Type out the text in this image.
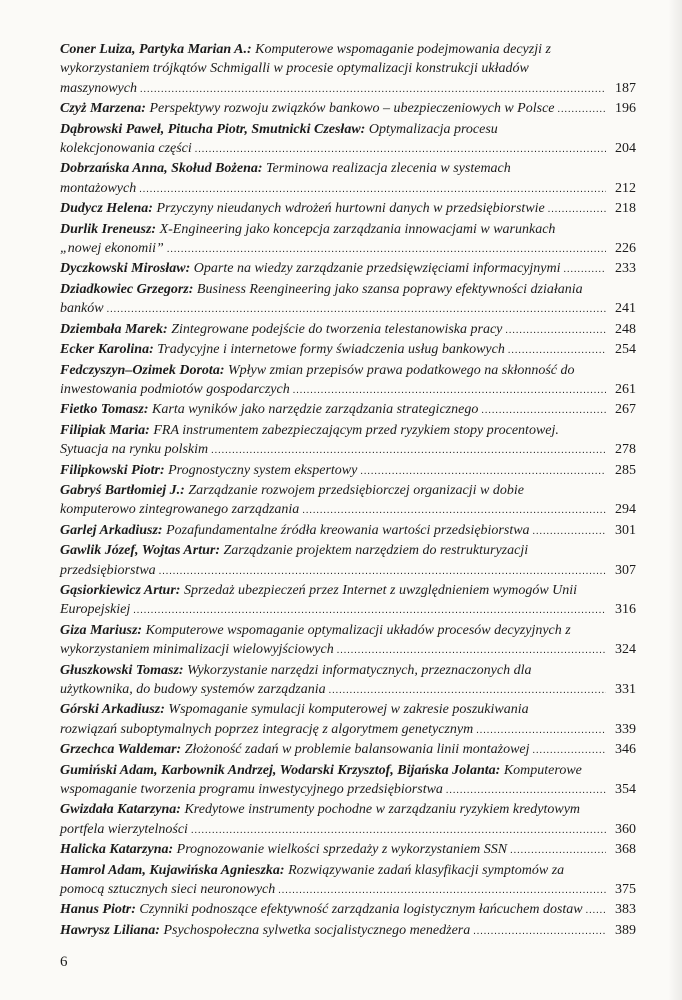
Coner Luiza, Partyka Marian A.: Komputerowe wspomaganie podejmowania decyzji z
wykorzystaniem trójkątów Schmigalli w procesie optymalizacji konstrukcji układów
maszynowych .....	187
Czyż Marzena: Perspektywy rozwoju związków bankowo – ubezpieczeniowych w Polsce .....	196
Dąbrowski Paweł, Pitucha Piotr, Smutnicki Czesław: Optymalizacja procesu
kolekcjonowania części .....	204
Dobrzańska Anna, Skołud Bożena: Terminowa realizacja zlecenia w systemach
montażowych .....	212
Dudycz Helena: Przyczyny nieudanych wdrożeń hurtowni danych w przedsiębiorstwie .....	218
Durlik Ireneusz: X-Engineering jako koncepcja zarządzania innowacjami w warunkach
„nowej ekonomii” .....	226
Dyczkowski Mirosław: Oparte na wiedzy zarządzanie przedsięwzięciami informacyjnymi .....	233
Dziadkowiec Grzegorz: Business Reengineering jako szansa poprawy efektywności działania
banków .....	241
Dziembała Marek: Zintegrowane podejście do tworzenia telestanowiska pracy .....	248
Ecker Karolina: Tradycyjne i internetowe formy świadczenia usług bankowych .....	254
Fedczyszyn–Ozimek Dorota: Wpływ zmian przepisów prawa podatkowego na skłonność do
inwestowania podmiotów gospodarczych .....	261
Fietko Tomasz: Karta wyników jako narzędzie zarządzania strategicznego .....	267
Filipiak Maria: FRA instrumentem zabezpieczającym przed ryzykiem stopy procentowej.
Sytuacja na rynku polskim .....	278
Filipkowski Piotr: Prognostyczny system ekspertowy .....	285
Gabryś Bartłomiej J.: Zarządzanie rozwojem przedsiębiorczej organizacji w dobie
komputerowo zintegrowanego zarządzania .....	294
Garlej Arkadiusz: Pozafundamentalne źródła kreowania wartości przedsiębiorstwa .....	301
Gawlik Józef, Wojtas Artur: Zarządzanie projektem narzędziem do restrukturyzacji
przedsiębiorstwa .....	307
Gąsiorkiewicz Artur: Sprzedaż ubezpieczeń przez Internet z uwzględnieniem wymogów Unii
Europejskiej .....	316
Giza Mariusz: Komputerowe wspomaganie optymalizacji układów procesów decyzyjnych z
wykorzystaniem minimalizacji wielowyjściowych .....	324
Głuszkowski Tomasz: Wykorzystanie narzędzi informatycznych, przeznaczonych dla
użytkownika, do budowy systemów zarządzania .....	331
Górski Arkadiusz: Wspomaganie symulacji komputerowej w zakresie poszukiwania
rozwiązań suboptymalnych poprzez integrację z algorytmem genetycznym .....	339
Grzechca Waldemar: Złożoność zadań w problemie balansowania linii montażowej .....	346
Gumiński Adam, Karbownik Andrzej, Wodarski Krzysztof, Bijańska Jolanta: Komputerowe
wspomaganie tworzenia programu inwestycyjnego przedsiębiorstwa .....	354
Gwizdała Katarzyna: Kredytowe instrumenty pochodne w zarządzaniu ryzykiem kredytowym
portfela wierzytelności .....	360
Halicka Katarzyna: Prognozowanie wielkości sprzedaży z wykorzystaniem SSN .....	368
Hamrol Adam, Kujawińska Agnieszka: Rozwiązywanie zadań klasyfikacji symptomów za
pomocą sztucznych sieci neuronowych .....	375
Hanus Piotr: Czynniki podnoszące efektywność zarządzania logistycznym łańcuchem dostaw .....	383
Hawrysz Liliana: Psychospołeczna sylwetka socjalistycznego menedżera .....	389
6
